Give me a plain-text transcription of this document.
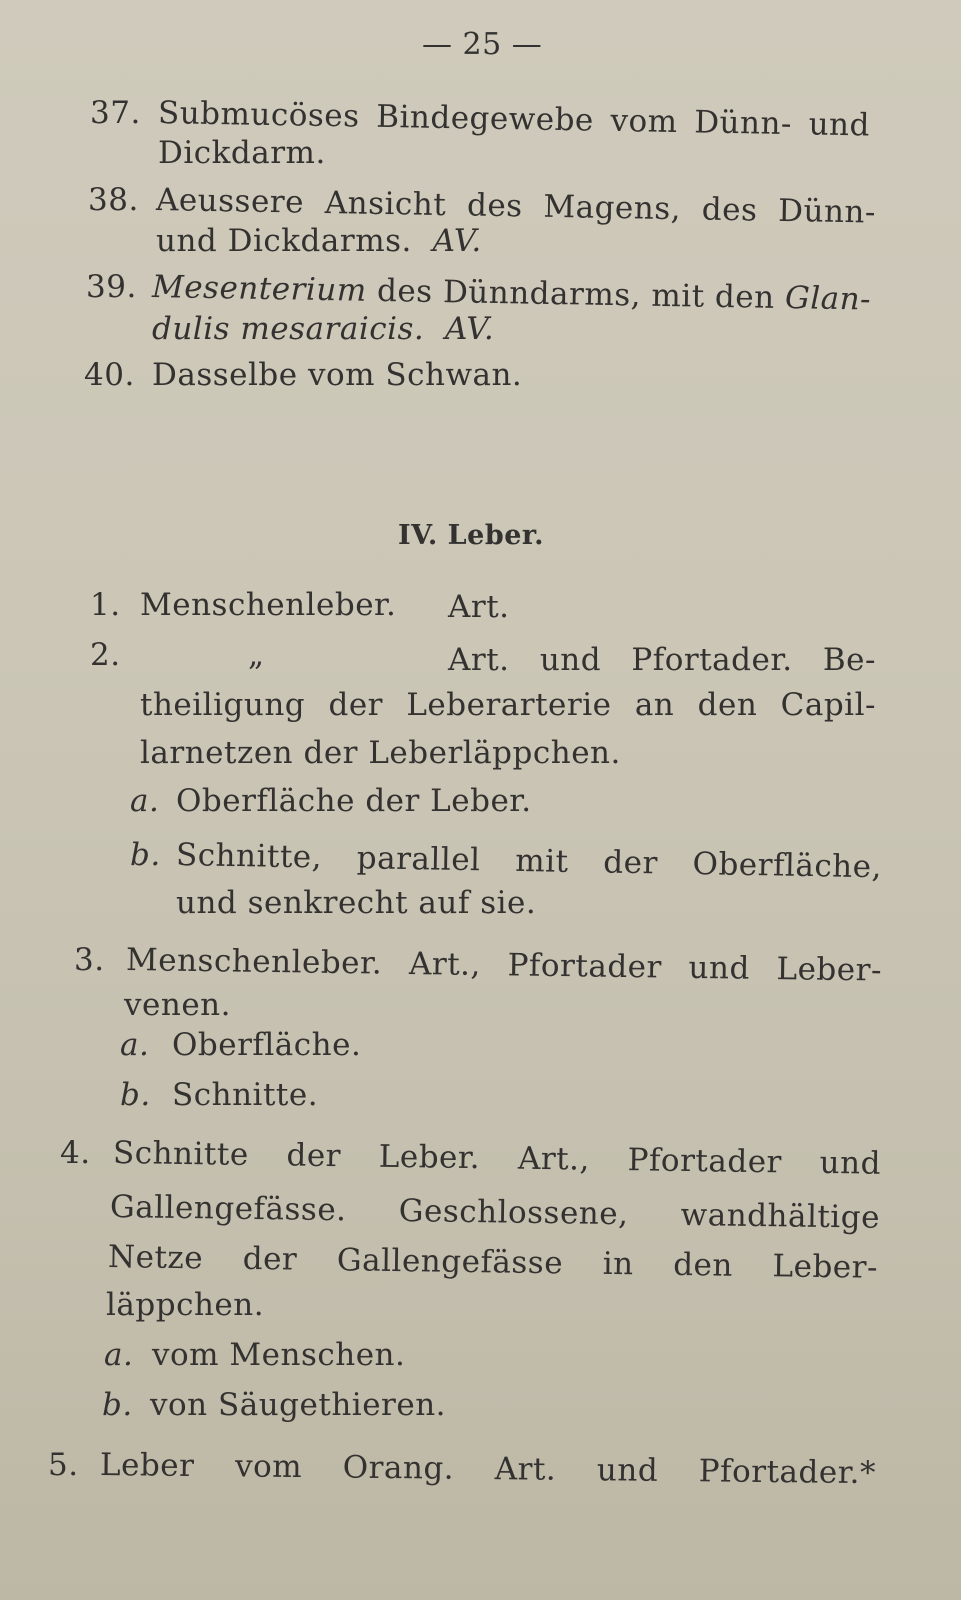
— 25 —
37. Submucöses Bindegewebe vom Dünn- und
Dickdarm.
38. Aeussere Ansicht des Magens, des Dünn-
und Dickdarms. AV.
39. Mesenterium des Dünndarms, mit den Glan-
dulis mesaraicis. AV.
40. Dasselbe vom Schwan.
IV. Leber.
1. Menschenleber. Art.
2.	„	Art. und Pfortader. Be-
theiligung der Leberarterie an den Capil-
larnetzen der Leberläppchen.
a. Oberfläche der Leber.
b. Schnitte, parallel mit der Oberfläche,
und senkrecht auf sie.
3. Menschenleber. Art., Pfortader und Leber-
venen.
a. Oberfläche.
b. Schnitte.
4. Schnitte der Leber. Art., Pfortader und
Gallengefässe. Geschlossene, wandhältige
Netze der Gallengefässe in den Leber-
läppchen.
a. vom Menschen.
b. von Säugethieren.
5. Leber vom Orang. Art. und Pfortader.*
